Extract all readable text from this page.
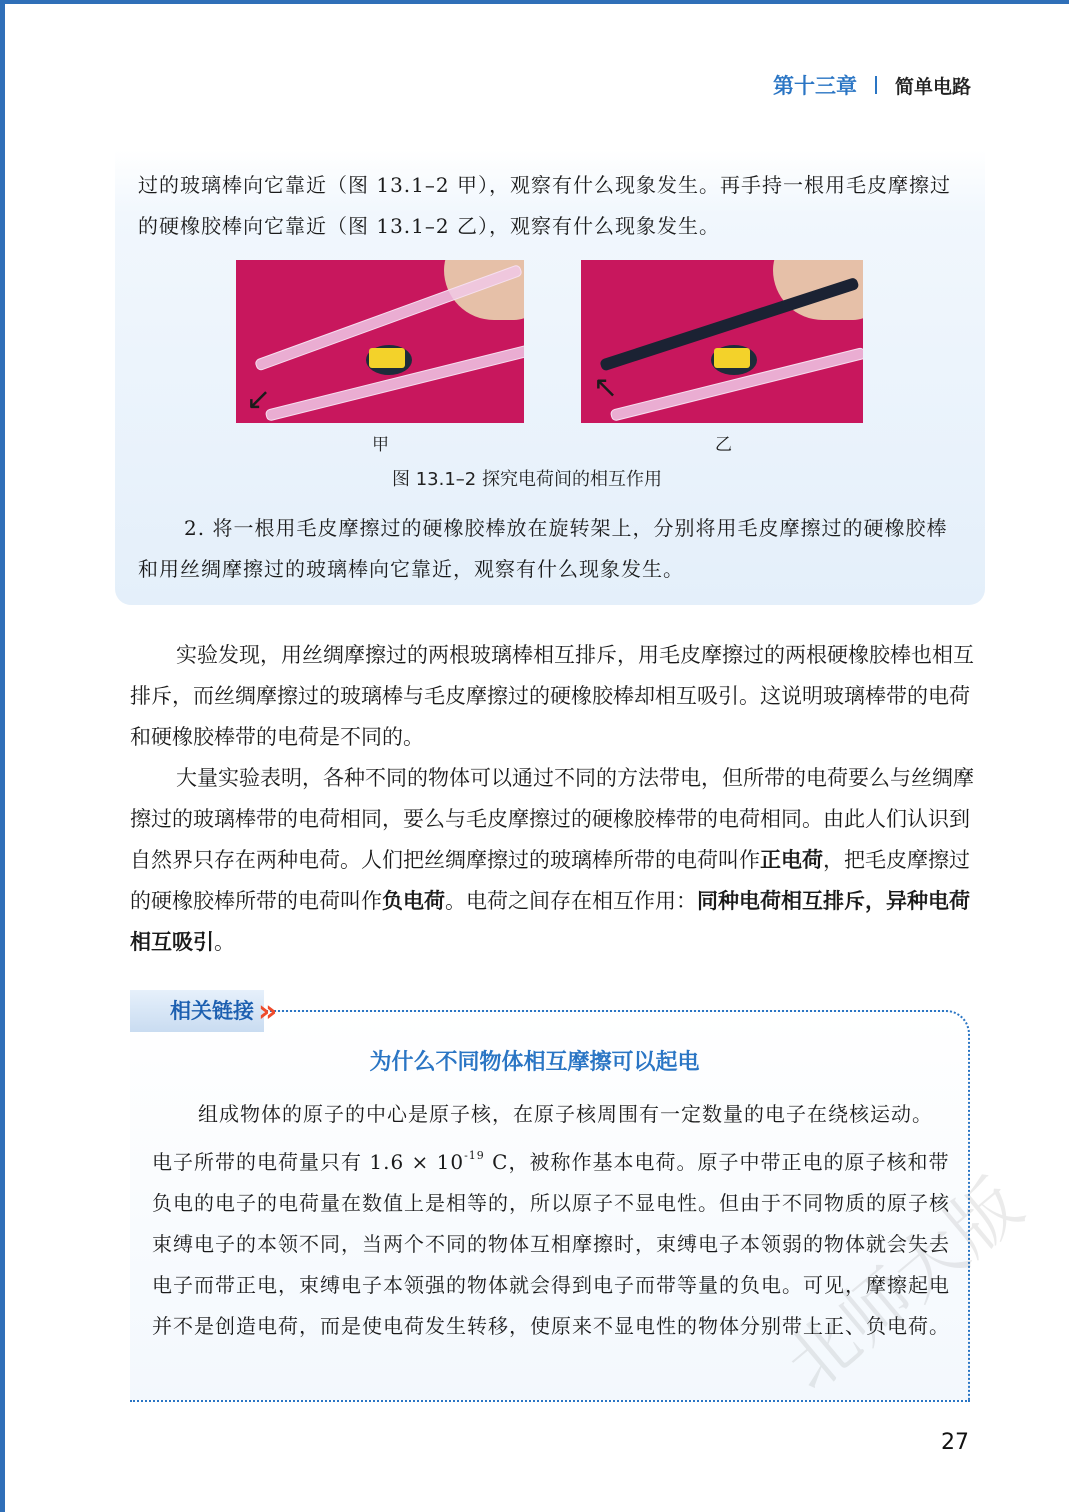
第十三章 简单电路
过的玻璃棒向它靠近（图 13.1–2 甲），观察有什么现象发生。再手持一根用毛皮摩擦过的硬橡胶棒向它靠近（图 13.1–2 乙），观察有什么现象发生。
↙	↖
甲	乙
图 13.1–2 探究电荷间的相互作用
2. 将一根用毛皮摩擦过的硬橡胶棒放在旋转架上，分别将用毛皮摩擦过的硬橡胶棒和用丝绸摩擦过的玻璃棒向它靠近，观察有什么现象发生。
实验发现，用丝绸摩擦过的两根玻璃棒相互排斥，用毛皮摩擦过的两根硬橡胶棒也相互排斥，而丝绸摩擦过的玻璃棒与毛皮摩擦过的硬橡胶棒却相互吸引。这说明玻璃棒带的电荷和硬橡胶棒带的电荷是不同的。
大量实验表明，各种不同的物体可以通过不同的方法带电，但所带的电荷要么与丝绸摩擦过的玻璃棒带的电荷相同，要么与毛皮摩擦过的硬橡胶棒带的电荷相同。由此人们认识到自然界只存在两种电荷。人们把丝绸摩擦过的玻璃棒所带的电荷叫作正电荷，把毛皮摩擦过的硬橡胶棒所带的电荷叫作负电荷。电荷之间存在相互作用：同种电荷相互排斥，异种电荷相互吸引。
相关链接 »
为什么不同物体相互摩擦可以起电
组成物体的原子的中心是原子核，在原子核周围有一定数量的电子在绕核运动。电子所带的电荷量只有 $1.6 \times 10^{-19}$ C，被称作基本电荷。原子中带正电的原子核和带负电的电子的电荷量在数值上是相等的，所以原子不显电性。但由于不同物质的原子核束缚电子的本领不同，当两个不同的物体互相摩擦时，束缚电子本领弱的物体就会失去电子而带正电，束缚电子本领强的物体就会得到电子而带等量的负电。可见，摩擦起电并不是创造电荷，而是使电荷发生转移，使原来不显电性的物体分别带上正、负电荷。
北师大版
27
